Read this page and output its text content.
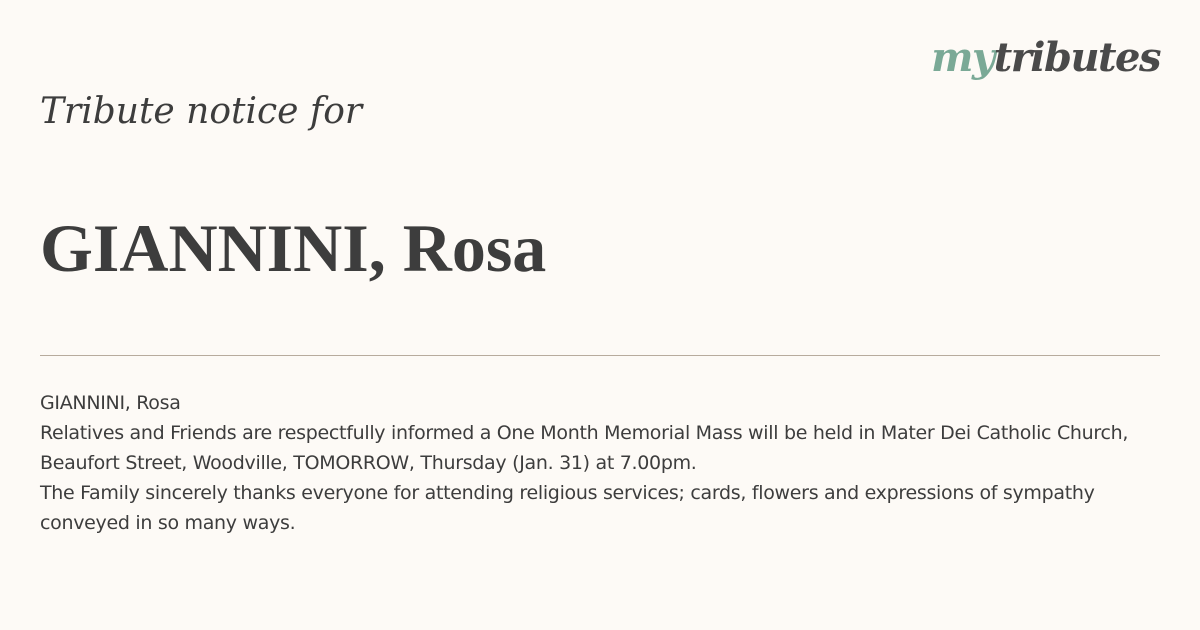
mytributes
Tribute notice for
GIANNINI, Rosa

GIANNINI, Rosa

Relatives and Friends are respectfully informed a One Month Memorial Mass will be held in Mater Dei Catholic Church, Beaufort Street, Woodville, TOMORROW, Thursday (Jan. 31) at 7.00pm.

The Family sincerely thanks everyone for attending religious services; cards, flowers and expressions of sympathy conveyed in so many ways.
